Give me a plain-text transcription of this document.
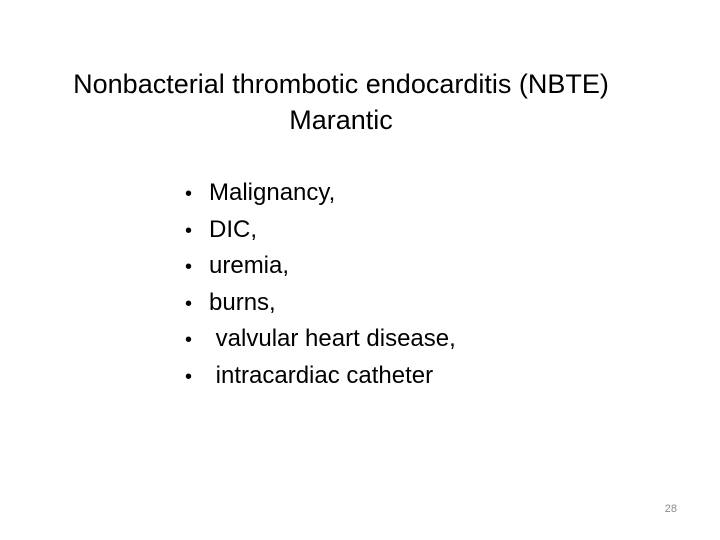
Nonbacterial thrombotic endocarditis (NBTE)
Marantic
• Malignancy,
• DIC,
• uremia,
• burns,
• valvular heart disease,
• intracardiac catheter
28
